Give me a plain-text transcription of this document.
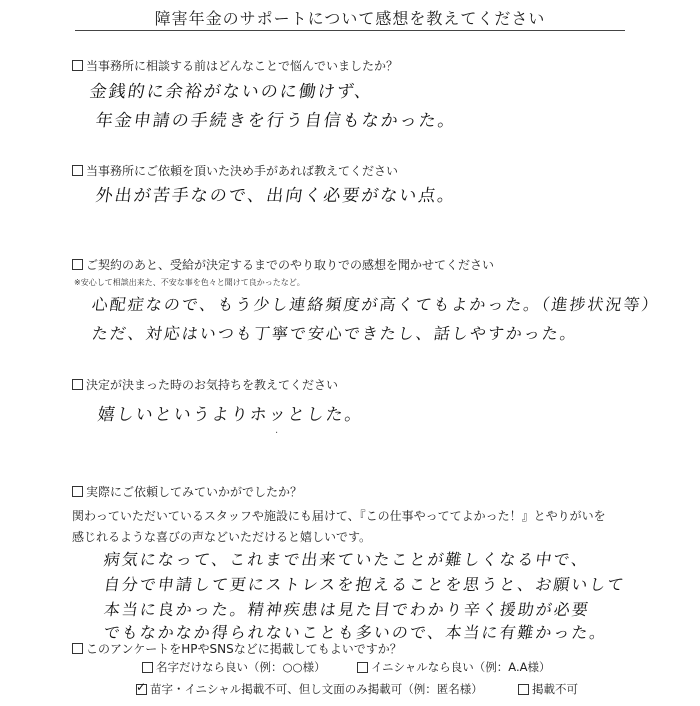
障害年金のサポートについて感想を教えてください
当事務所に相談する前はどんなことで悩んでいましたか？
金銭的に余裕がないのに働けず、
年金申請の手続きを行う自信もなかった。
当事務所にご依頼を頂いた決め手があれば教えてください
外出が苦手なので、出向く必要がない点。
ご契約のあと、受給が決定するまでのやり取りでの感想を聞かせてください
※安心して相談出来た、不安な事を色々と聞けて良かったなど。
心配症なので、もう少し連絡頻度が高くてもよかった。（進捗状況等）
ただ、対応はいつも丁寧で安心できたし、話しやすかった。
決定が決まった時のお気持ちを教えてください
嬉しいというよりホッとした。
·
実際にご依頼してみていかがでしたか？
関わっていただいているスタッフや施設にも届けて、『この仕事やっててよかった！』とやりがいを
感じれるような喜びの声などいただけると嬉しいです。
病気になって、これまで出来ていたことが難しくなる中で、
自分で申請して更にストレスを抱えることを思うと、お願いして
本当に良かった。精神疾患は見た目でわかり辛く援助が必要
でもなかなか得られないことも多いので、本当に有難かった。
このアンケートをHPやSNSなどに掲載してもよいですか？
名字だけなら良い（例：○○様）	イニシャルなら良い（例：A.A様）
✓ 苗字・イニシャル掲載不可、但し文面のみ掲載可（例：匿名様）	掲載不可
